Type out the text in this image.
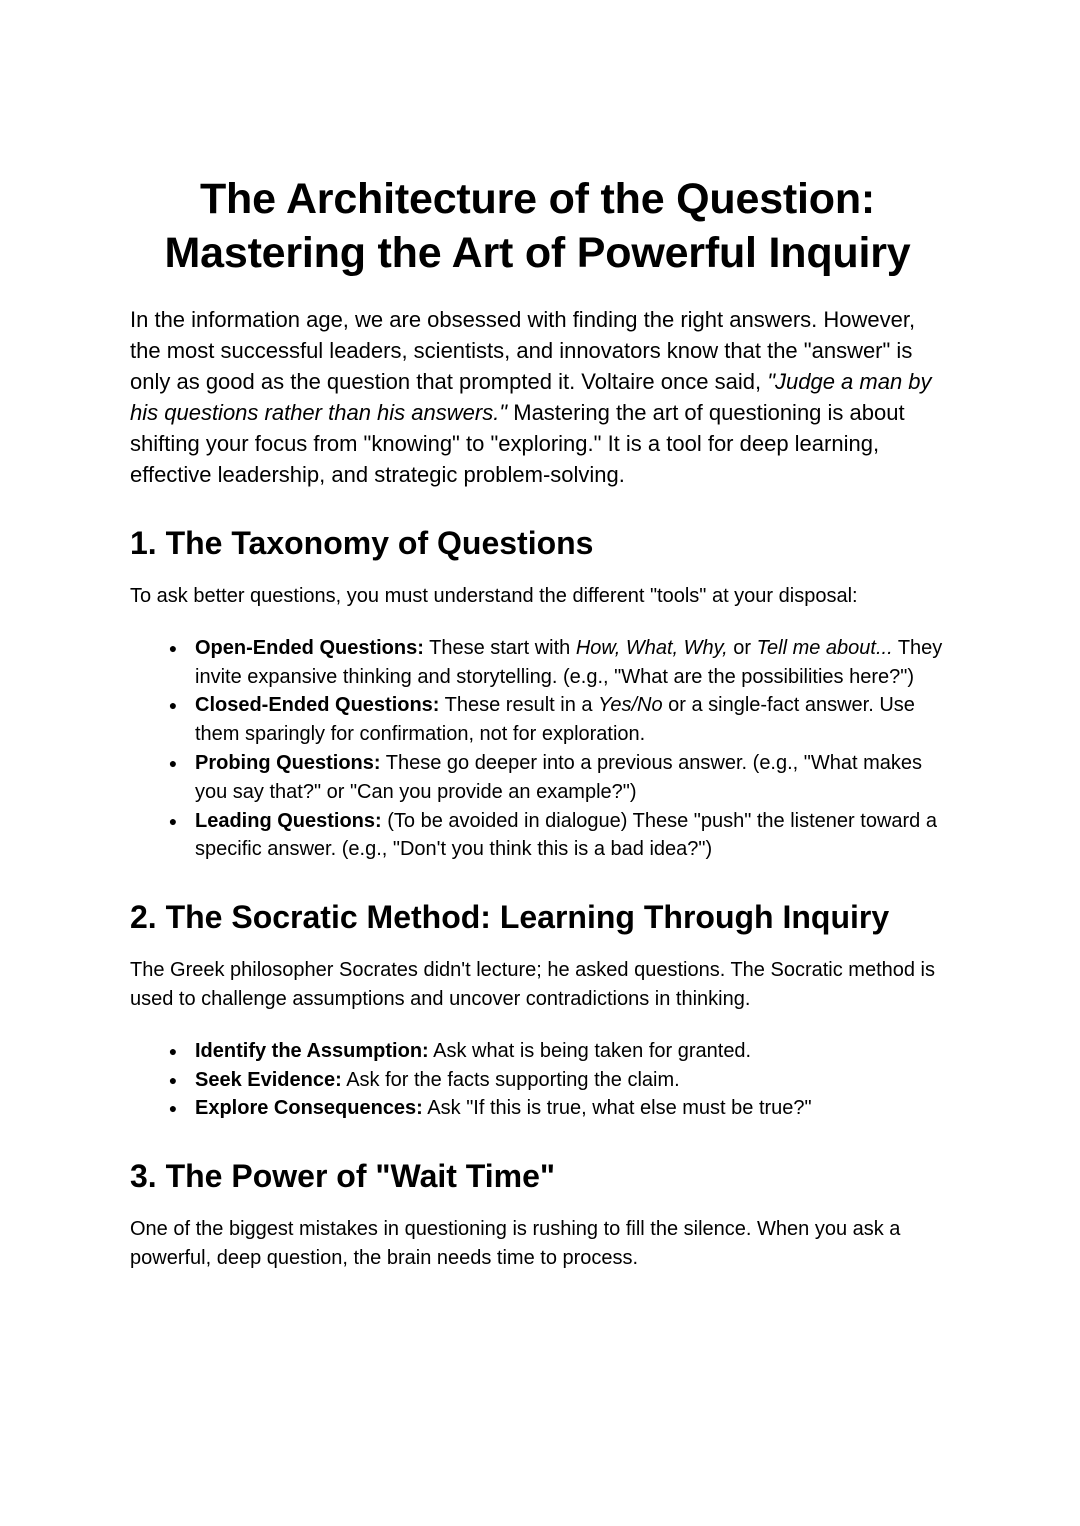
The Architecture of the Question:
Mastering the Art of Powerful Inquiry

In the information age, we are obsessed with finding the right answers. However, the most successful leaders, scientists, and innovators know that the "answer" is only as good as the question that prompted it. Voltaire once said, "Judge a man by his questions rather than his answers." Mastering the art of questioning is about shifting your focus from "knowing" to "exploring." It is a tool for deep learning, effective leadership, and strategic problem-solving.

1. The Taxonomy of Questions

To ask better questions, you must understand the different "tools" at your disposal:

● Open-Ended Questions: These start with How, What, Why, or Tell me about... They invite expansive thinking and storytelling. (e.g., "What are the possibilities here?")
● Closed-Ended Questions: These result in a Yes/No or a single-fact answer. Use them sparingly for confirmation, not for exploration.
● Probing Questions: These go deeper into a previous answer. (e.g., "What makes you say that?" or "Can you provide an example?")
● Leading Questions: (To be avoided in dialogue) These "push" the listener toward a specific answer. (e.g., "Don't you think this is a bad idea?")
2. The Socratic Method: Learning Through Inquiry

The Greek philosopher Socrates didn't lecture; he asked questions. The Socratic method is used to challenge assumptions and uncover contradictions in thinking.

● Identify the Assumption: Ask what is being taken for granted.
● Seek Evidence: Ask for the facts supporting the claim.
● Explore Consequences: Ask "If this is true, what else must be true?"
3. The Power of "Wait Time"

One of the biggest mistakes in questioning is rushing to fill the silence. When you ask a powerful, deep question, the brain needs time to process.
